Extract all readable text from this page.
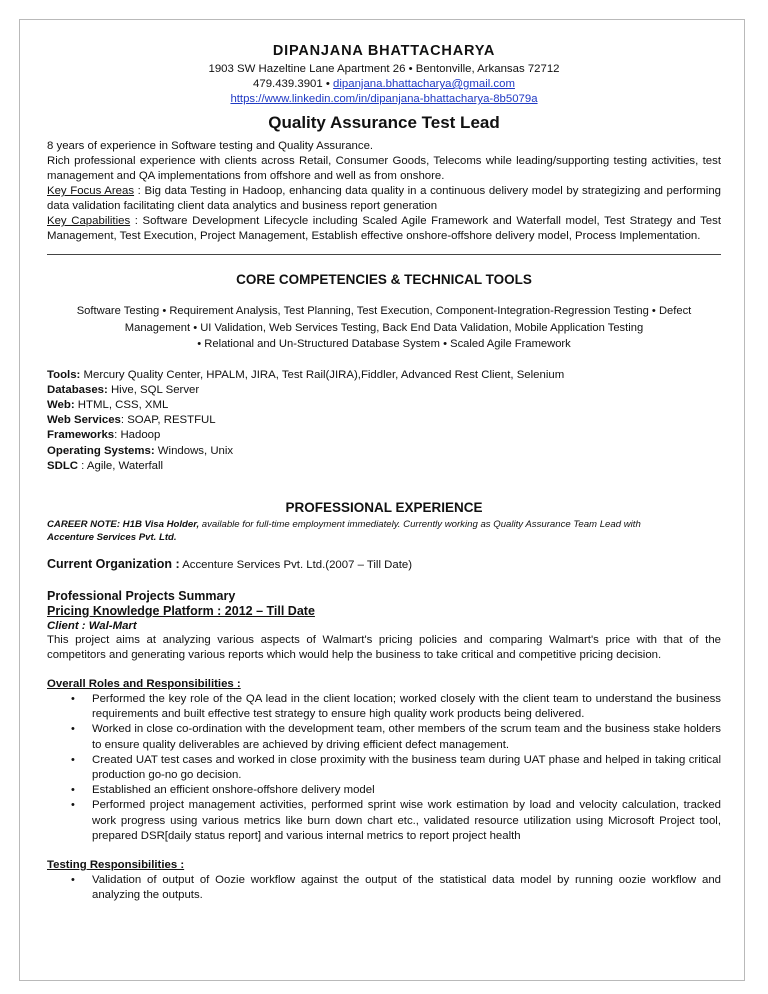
DIPANJANA BHATTACHARYA

1903 SW Hazeltine Lane Apartment 26 • Bentonville, Arkansas 72712

479.439.3901 • dipanjana.bhattacharya@gmail.com

https://www.linkedin.com/in/dipanjana-bhattacharya-8b5079a

Quality Assurance Test Lead

8 years of experience in Software testing and Quality Assurance.

Rich professional experience with clients across Retail, Consumer Goods, Telecoms while leading/supporting testing activities, test management and QA implementations from offshore and well as from onshore.

Key Focus Areas : Big data Testing in Hadoop, enhancing data quality in a continuous delivery model by strategizing and performing data validation facilitating client data analytics and business report generation

Key Capabilities : Software Development Lifecycle including Scaled Agile Framework and Waterfall model, Test Strategy and Test Management, Test Execution, Project Management, Establish effective onshore-offshore delivery model, Process Implementation.

CORE COMPETENCIES & TECHNICAL TOOLS

Software Testing • Requirement Analysis, Test Planning, Test Execution, Component-Integration-Regression Testing • Defect

Management • UI Validation, Web Services Testing, Back End Data Validation, Mobile Application Testing

• Relational and Un-Structured Database System • Scaled Agile Framework

Tools: Mercury Quality Center, HPALM, JIRA, Test Rail(JIRA),Fiddler, Advanced Rest Client, Selenium

Databases: Hive, SQL Server

Web: HTML, CSS, XML

Web Services: SOAP, RESTFUL

Frameworks: Hadoop

Operating Systems: Windows, Unix

SDLC : Agile, Waterfall

PROFESSIONAL EXPERIENCE

CAREER NOTE: H1B Visa Holder, available for full-time employment immediately. Currently working as Quality Assurance Team Lead with
Accenture Services Pvt. Ltd.

Current Organization : Accenture Services Pvt. Ltd.(2007 – Till Date)

Professional Projects Summary

Pricing Knowledge Platform : 2012 – Till Date

Client : Wal-Mart

This project aims at analyzing various aspects of Walmart's pricing policies and comparing Walmart's price with that of the competitors and generating various reports which would help the business to take critical and competitive pricing decision.

Overall Roles and Responsibilities :

• Performed the key role of the QA lead in the client location; worked closely with the client team to understand the business requirements and built effective test strategy to ensure high quality work products being delivered.
• Worked in close co-ordination with the development team, other members of the scrum team and the business stake holders to ensure quality deliverables are achieved by driving efficient defect management.
• Created UAT test cases and worked in close proximity with the business team during UAT phase and helped in taking critical production go-no go decision.
• Established an efficient onshore-offshore delivery model
• Performed project management activities, performed sprint wise work estimation by load and velocity calculation, tracked work progress using various metrics like burn down chart etc., validated resource utilization using Microsoft Project tool, prepared DSR[daily status report] and various internal metrics to report project health

Testing Responsibilities :

• Validation of output of Oozie workflow against the output of the statistical data model by running oozie workflow and analyzing the outputs.
